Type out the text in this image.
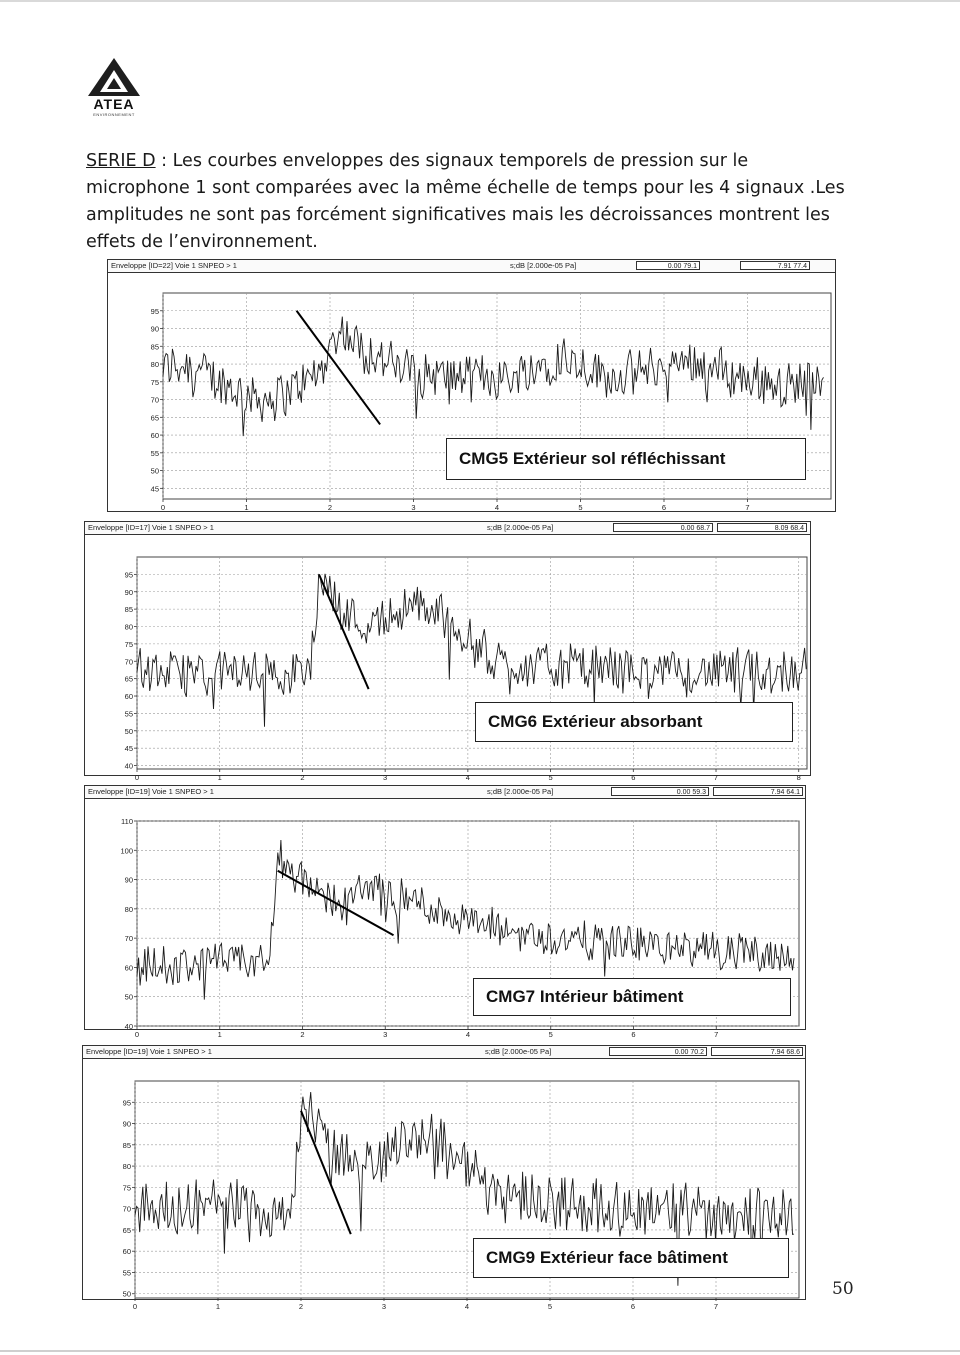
ATEA
ENVIRONNEMENT
SERIE D : Les courbes enveloppes des signaux temporels de pression sur le microphone 1 sont comparées avec la même échelle de temps pour les 4 signaux .Les amplitudes ne sont pas forcément significatives mais les décroissances montrent les effets de l’environnement.
50
Enveloppe [ID=22] Voie 1 SNPEO > 1	s;dB [2.000e-05 Pa]	0.00 79.1	7.91 77.4
45
50
55
60
65
70
75
80
85
90
95
0	1	2	3	4	5	6	7
CMG5 Extérieur sol réfléchissant
Enveloppe [ID=17] Voie 1 SNPEO > 1	s;dB [2.000e-05 Pa]	0.00 68.7	8.09 68.4
40
45
50
55
60
65
70
75
80
85
90
95
0	1	2	3	4	5	6	7	8
CMG6 Extérieur absorbant
Enveloppe [ID=19] Voie 1 SNPEO > 1	s;dB [2.000e-05 Pa]	0.00 59.3	7.94 64.1
40
50
60
70
80
90
100
110
0	1	2	3	4	5	6	7
CMG7 Intérieur bâtiment
Enveloppe [ID=19] Voie 1 SNPEO > 1	s;dB [2.000e-05 Pa]	0.00 70.2	7.94 68.6
50
55
60
65
70
75
80
85
90
95
0	1	2	3	4	5	6	7
CMG9 Extérieur face bâtiment
